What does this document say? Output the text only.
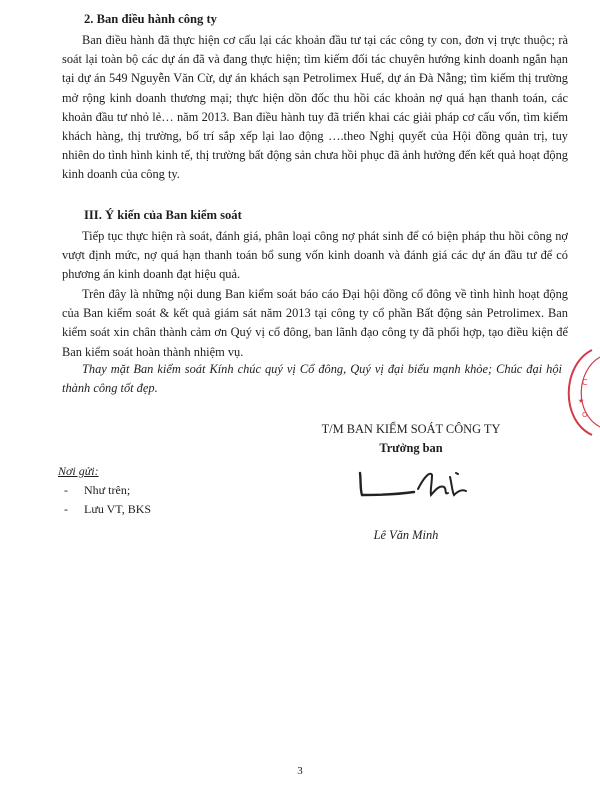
2. Ban điều hành công ty
Ban điều hành đã thực hiện cơ cấu lại các khoản đầu tư tại các công ty con, đơn vị trực thuộc; rà soát lại toàn bộ các dự án đã và đang thực hiện; tìm kiếm đối tác chuyên hướng kinh doanh ngắn hạn tại dự án 549 Nguyễn Văn Cừ, dự án khách sạn Petrolimex Huế, dự án Đà Nẵng; tìm kiếm thị trường mở rộng kinh doanh thương mại; thực hiện dồn đốc thu hồi các khoản nợ quá hạn thanh toán, các khoản đầu tư nhỏ lẻ… năm 2013. Ban điều hành tuy đã triển khai các giải pháp cơ cấu vốn, tìm kiếm khách hàng, thị trường, bố trí sắp xếp lại lao động ….theo Nghị quyết của Hội đồng quản trị, tuy nhiên do tình hình kinh tế, thị trường bất động sản chưa hồi phục đã ảnh hưởng đến kết quả hoạt động kinh doanh của công ty.
III. Ý kiến của Ban kiểm soát
Tiếp tục thực hiện rà soát, đánh giá, phân loại công nợ phát sinh để có biện pháp thu hồi công nợ vượt định mức, nợ quá hạn thanh toán bổ sung vốn kinh doanh và đánh giá các dự án đầu tư để có phương án kinh doanh đạt hiệu quả.
Trên đây là những nội dung Ban kiểm soát báo cáo Đại hội đồng cổ đông về tình hình hoạt động của Ban kiểm soát & kết quả giám sát năm 2013 tại công ty cổ phần Bất động sản Petrolimex. Ban kiểm soát xin chân thành cảm ơn Quý vị cổ đông, ban lãnh đạo công ty đã phối hợp, tạo điều kiện để Ban kiểm soát hoàn thành nhiệm vụ.
Thay mặt Ban kiểm soát Kính chúc quý vị Cổ đông, Quý vị đại biểu mạnh khỏe; Chúc đại hội thành công tốt đẹp.
T/M BAN KIỂM SOÁT CÔNG TY
Trưởng ban
Lê Văn Minh
Nơi gửi:
- Như trên;
- Lưu VT, BKS
C
★
O
3
